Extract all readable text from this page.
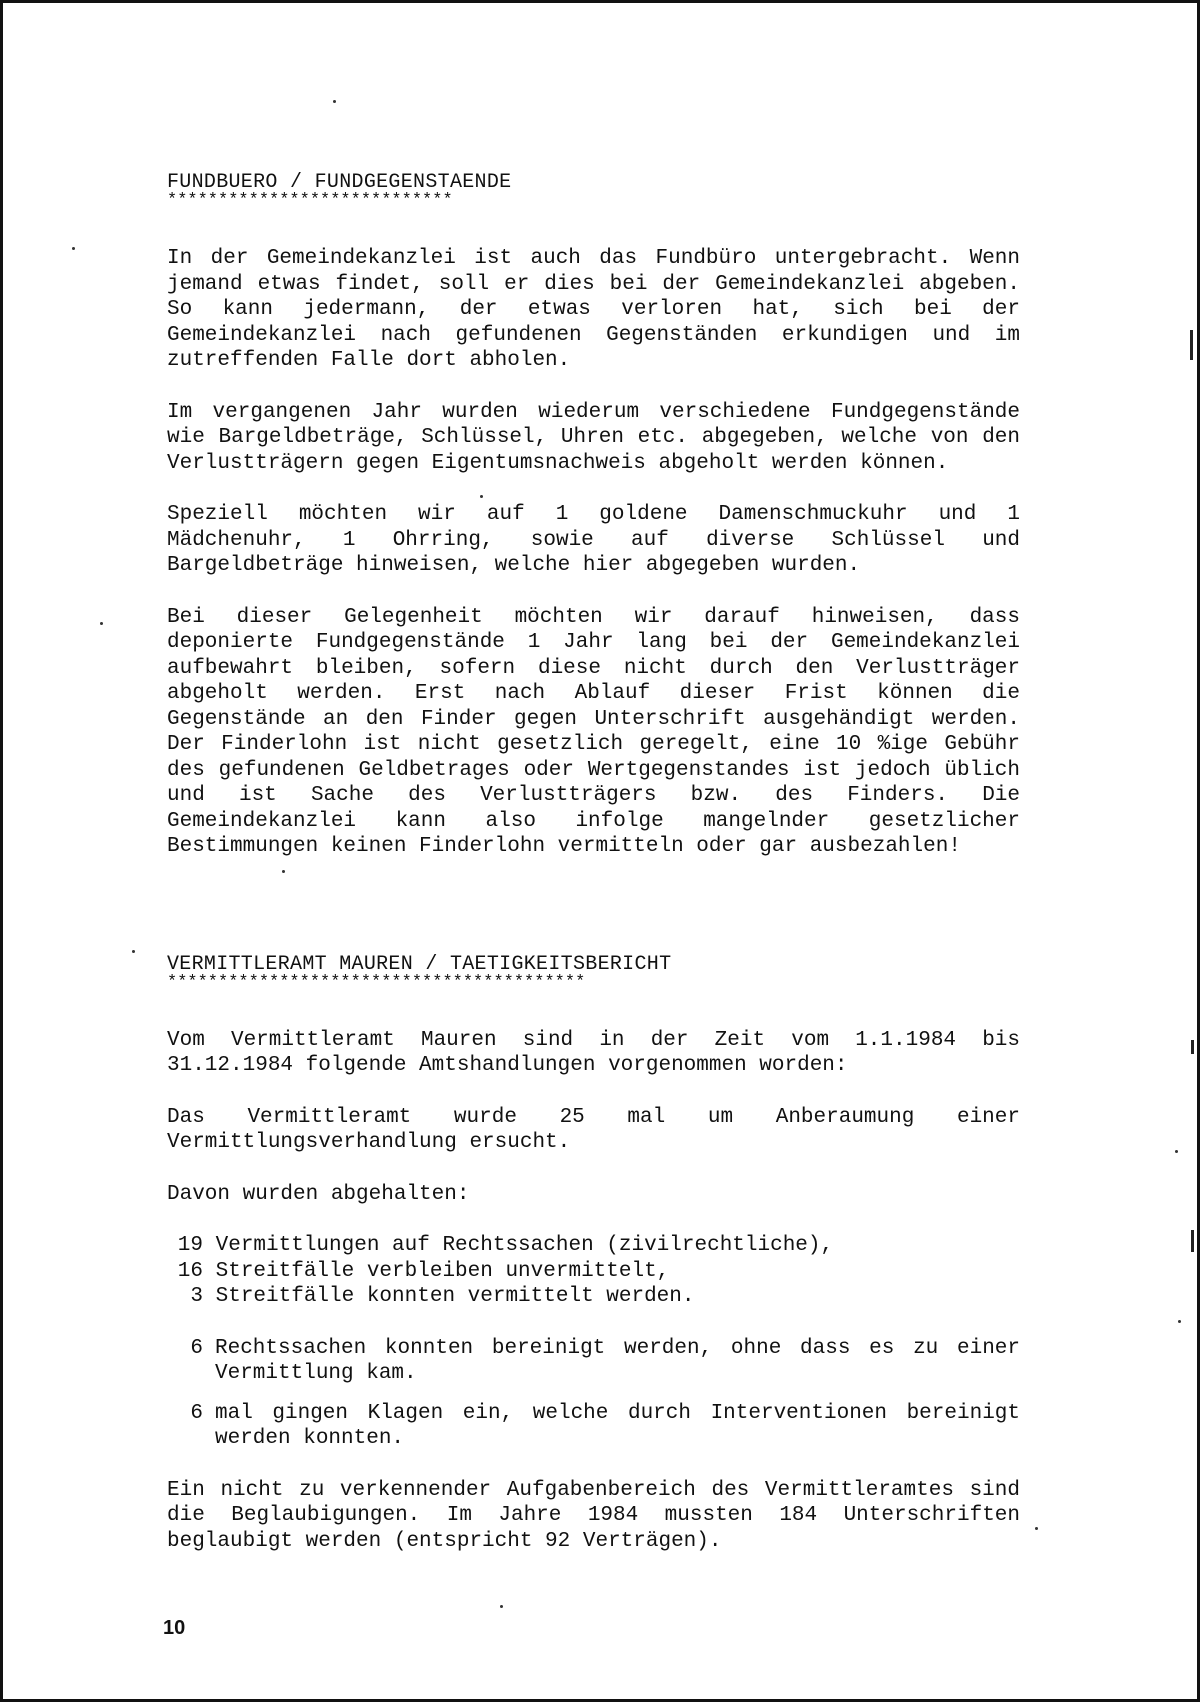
FUNDBUERO / FUNDGEGENSTAENDE

****************************

In der Gemeindekanzlei ist auch das Fundbüro untergebracht. Wenn jemand etwas findet, soll er dies bei der Gemeindekanzlei abgeben. So kann jedermann, der etwas verloren hat, sich bei der Gemeindekanzlei nach gefundenen Gegenständen erkundigen und im zutreffenden Falle dort abholen.

Im vergangenen Jahr wurden wiederum verschiedene Fundgegenstände wie Bargeldbeträge, Schlüssel, Uhren etc. abgegeben, welche von den Verlustträgern gegen Eigentumsnachweis abgeholt werden können.

Speziell möchten wir auf 1 goldene Damenschmuckuhr und 1 Mädchenuhr, 1 Ohrring, sowie auf diverse Schlüssel und Bargeldbeträge hinweisen, welche hier abgegeben wurden.

Bei dieser Gelegenheit möchten wir darauf hinweisen, dass deponierte Fundgegenstände 1 Jahr lang bei der Gemeindekanzlei aufbewahrt bleiben, sofern diese nicht durch den Verlustträger abgeholt werden. Erst nach Ablauf dieser Frist können die Gegenstände an den Finder gegen Unterschrift ausgehändigt werden. Der Finderlohn ist nicht gesetzlich geregelt, eine 10 %ige Gebühr des gefundenen Geldbetrages oder Wertgegenstandes ist jedoch üblich und ist Sache des Verlustträgers bzw. des Finders. Die Gemeindekanzlei kann also infolge mangelnder gesetzlicher Bestimmungen keinen Finderlohn vermitteln oder gar ausbezahlen!

VERMITTLERAMT MAUREN / TAETIGKEITSBERICHT

*****************************************

Vom Vermittleramt Mauren sind in der Zeit vom 1.1.1984 bis 31.12.1984 folgende Amtshandlungen vorgenommen worden:

Das Vermittleramt wurde 25 mal um Anberaumung einer Vermittlungsverhandlung ersucht.

Davon wurden abgehalten:

19 Vermittlungen auf Rechtssachen (zivilrechtliche),
16 Streitfälle verbleiben unvermittelt,
3 Streitfälle konnten vermittelt werden.
6 Rechtssachen konnten bereinigt werden, ohne dass es zu einer Vermittlung kam.
6 mal gingen Klagen ein, welche durch Interventionen bereinigt werden konnten.

Ein nicht zu verkennender Aufgabenbereich des Vermittleramtes sind die Beglaubigungen. Im Jahre 1984 mussten 184 Unterschriften beglaubigt werden (entspricht 92 Verträgen).

10
